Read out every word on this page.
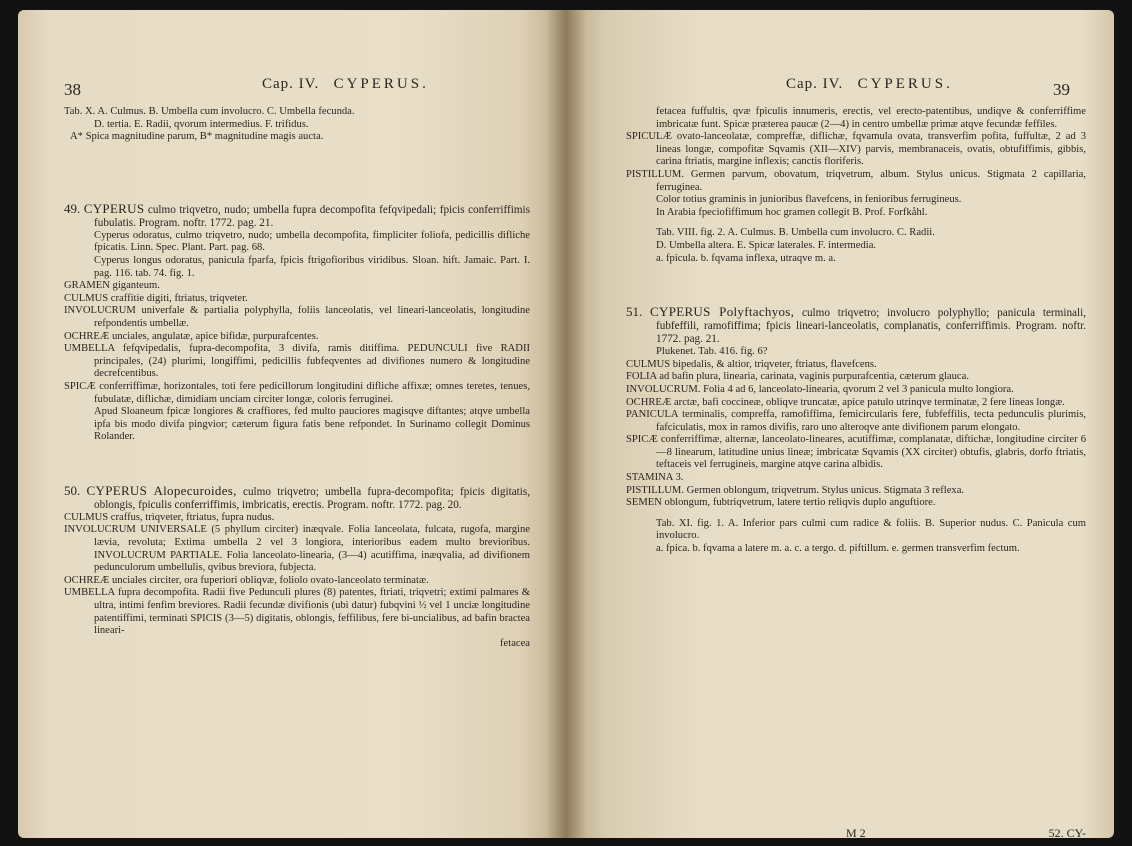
38	Cap. IV. CYPERUS.

Tab. X. A. Culmus. B. Umbella cum involucro. C. Umbella fecunda.

D. tertia. E. Radii, qvorum intermedius. F. trifidus.

A* Spica magnitudine parum, B* magnitudine magis aucta.

49. CYPERUS culmo triqvetro, nudo; umbella fupra decompofita fefqvipedali; fpicis conferriffimis fubulatis. Program. noftr. 1772. pag. 21.

Cyperus odoratus, culmo triqvetro, nudo; umbella decompofita, fimpliciter foliofa, pedicillis difliche fpicatis. Linn. Spec. Plant. Part. pag. 68.

Cyperus longus odoratus, panicula fparfa, fpicis ftrigofioribus viridibus. Sloan. hift. Jamaic. Part. I. pag. 116. tab. 74. fig. 1.

GRAMEN giganteum.

CULMUS craffitie digiti, ftriatus, triqveter.

INVOLUCRUM univerfale & partialia polyphylla, foliis lanceolatis, vel lineari-lanceolatis, longitudine refpondentis umbellæ.

OCHREÆ unciales, angulatæ, apice bifidæ, purpurafcentes.

UMBELLA fefqvipedalis, fupra-decompofita, 3 divifa, ramis ditiffima. PEDUNCULI five RADII principales, (24) plurimi, longiffimi, pedicillis fubfeqventes ad divifiones numero & longitudine decrefcentibus.

SPICÆ conferriffimæ, horizontales, toti fere pedicillorum longitudini difliche affixæ; omnes teretes, tenues, fubulatæ, diflichæ, dimidiam unciam circiter longæ, coloris ferruginei.

Apud Sloaneum fpicæ longiores & craffiores, fed multo pauciores magisqve diftantes; atqve umbella ipfa bis modo divifa pingvior; cæterum figura fatis bene refpondet. In Surinamo collegit Dominus Rolander.

50. CYPERUS Alopecuroides, culmo triqvetro; umbella fupra-decompofita; fpicis digitatis, oblongis, fpiculis conferriffimis, imbricatis, erectis. Program. noftr. 1772. pag. 20.

CULMUS craffus, triqveter, ftriatus, fupra nudus.

INVOLUCRUM UNIVERSALE (5 phyllum circiter) inæqvale. Folia lanceolata, fulcata, rugofa, margine lævia, revoluta; Extima umbella 2 vel 3 longiora, interioribus eadem multo brevioribus. INVOLUCRUM PARTIALE. Folia lanceolato-linearia, (3—4) acutiffima, inæqvalia, ad divifionem pedunculorum umbellulis, qvibus breviora, fubjecta.

OCHREÆ unciales circiter, ora fuperiori obliqvæ, foliolo ovato-lanceolato terminatæ.

UMBELLA fupra decompofita. Radii five Pedunculi plures (8) patentes, ftriati, triqvetri; extimi palmares & ultra, intimi fenfim breviores. Radii fecundæ divifionis (ubi datur) fubqvini ½ vel 1 unciæ longitudine patentiffimi, terminati SPICIS (3—5) digitatis, oblongis, feffilibus, fere bi-uncialibus, ad bafin bractea lineari-

fetacea

Cap. IV. CYPERUS.	39

fetacea fuffultis, qvæ fpiculis innumeris, erectis, vel erecto-patentibus, undiqve & conferriffime imbricatæ funt. Spicæ præterea paucæ (2—4) in centro umbellæ primæ atqve fecundæ feffiles.

SPICULÆ ovato-lanceolatæ, compreffæ, diflichæ, fqvamula ovata, transverfim pofita, fuffultæ, 2 ad 3 lineas longæ, compofitæ Sqvamis (XII—XIV) parvis, membranaceis, ovatis, obtufiffimis, gibbis, carina ftriatis, margine inflexis; canctis floriferis.

PISTILLUM. Germen parvum, obovatum, triqvetrum, album. Stylus unicus. Stigmata 2 capillaria, ferruginea.

Color totius graminis in junioribus flavefcens, in fenioribus ferrugineus.

In Arabia fpeciofiffimum hoc gramen collegit B. Prof. Forfkåhl.

Tab. VIII. fig. 2. A. Culmus. B. Umbella cum involucro. C. Radii.

D. Umbella altera. E. Spicæ laterales. F. intermedia.

a. fpicula. b. fqvama inflexa, utraqve m. a.

51. CYPERUS Polyftachyos, culmo triqvetro; involucro polyphyllo; panicula terminali, fubfeffili, ramofiffima; fpicis lineari-lanceolatis, complanatis, conferriffimis. Program. noftr. 1772. pag. 21.

Plukenet. Tab. 416. fig. 6?

CULMUS bipedalis, & altior, triqveter, ftriatus, flavefcens.

FOLIA ad bafin plura, linearia, carinata, vaginis purpurafcentia, cæterum glauca.

INVOLUCRUM. Folia 4 ad 6, lanceolato-linearia, qvorum 2 vel 3 panicula multo longiora.

OCHREÆ arctæ, bafi coccineæ, obliqve truncatæ, apice patulo utrinqve terminatæ, 2 fere lineas longæ.

PANICULA terminalis, compreffa, ramofiffima, femicircularis fere, fubfeffilis, tecta pedunculis plurimis, fafciculatis, mox in ramos divifis, raro uno alteroqve ante divifionem parum elongato.

SPICÆ conferriffimæ, alternæ, lanceolato-lineares, acutiffimæ, complanatæ, diftichæ, longitudine circiter 6—8 linearum, latitudine unius lineæ; imbricatæ Sqvamis (XX circiter) obtufis, glabris, dorfo ftriatis, teftaceis vel ferrugineis, margine atqve carina albidis.

STAMINA 3.

PISTILLUM. Germen oblongum, triqvetrum. Stylus unicus. Stigmata 3 reflexa.

SEMEN oblongum, fubtriqvetrum, latere tertio reliqvis duplo anguftiore.

Tab. XI. fig. 1. A. Inferior pars culmi cum radice & foliis. B. Superior nudus. C. Panicula cum involucro.

a. fpica. b. fqvama a latere m. a. c. a tergo. d. piftillum. e. germen transverfim fectum.

M 2	52. CY-
